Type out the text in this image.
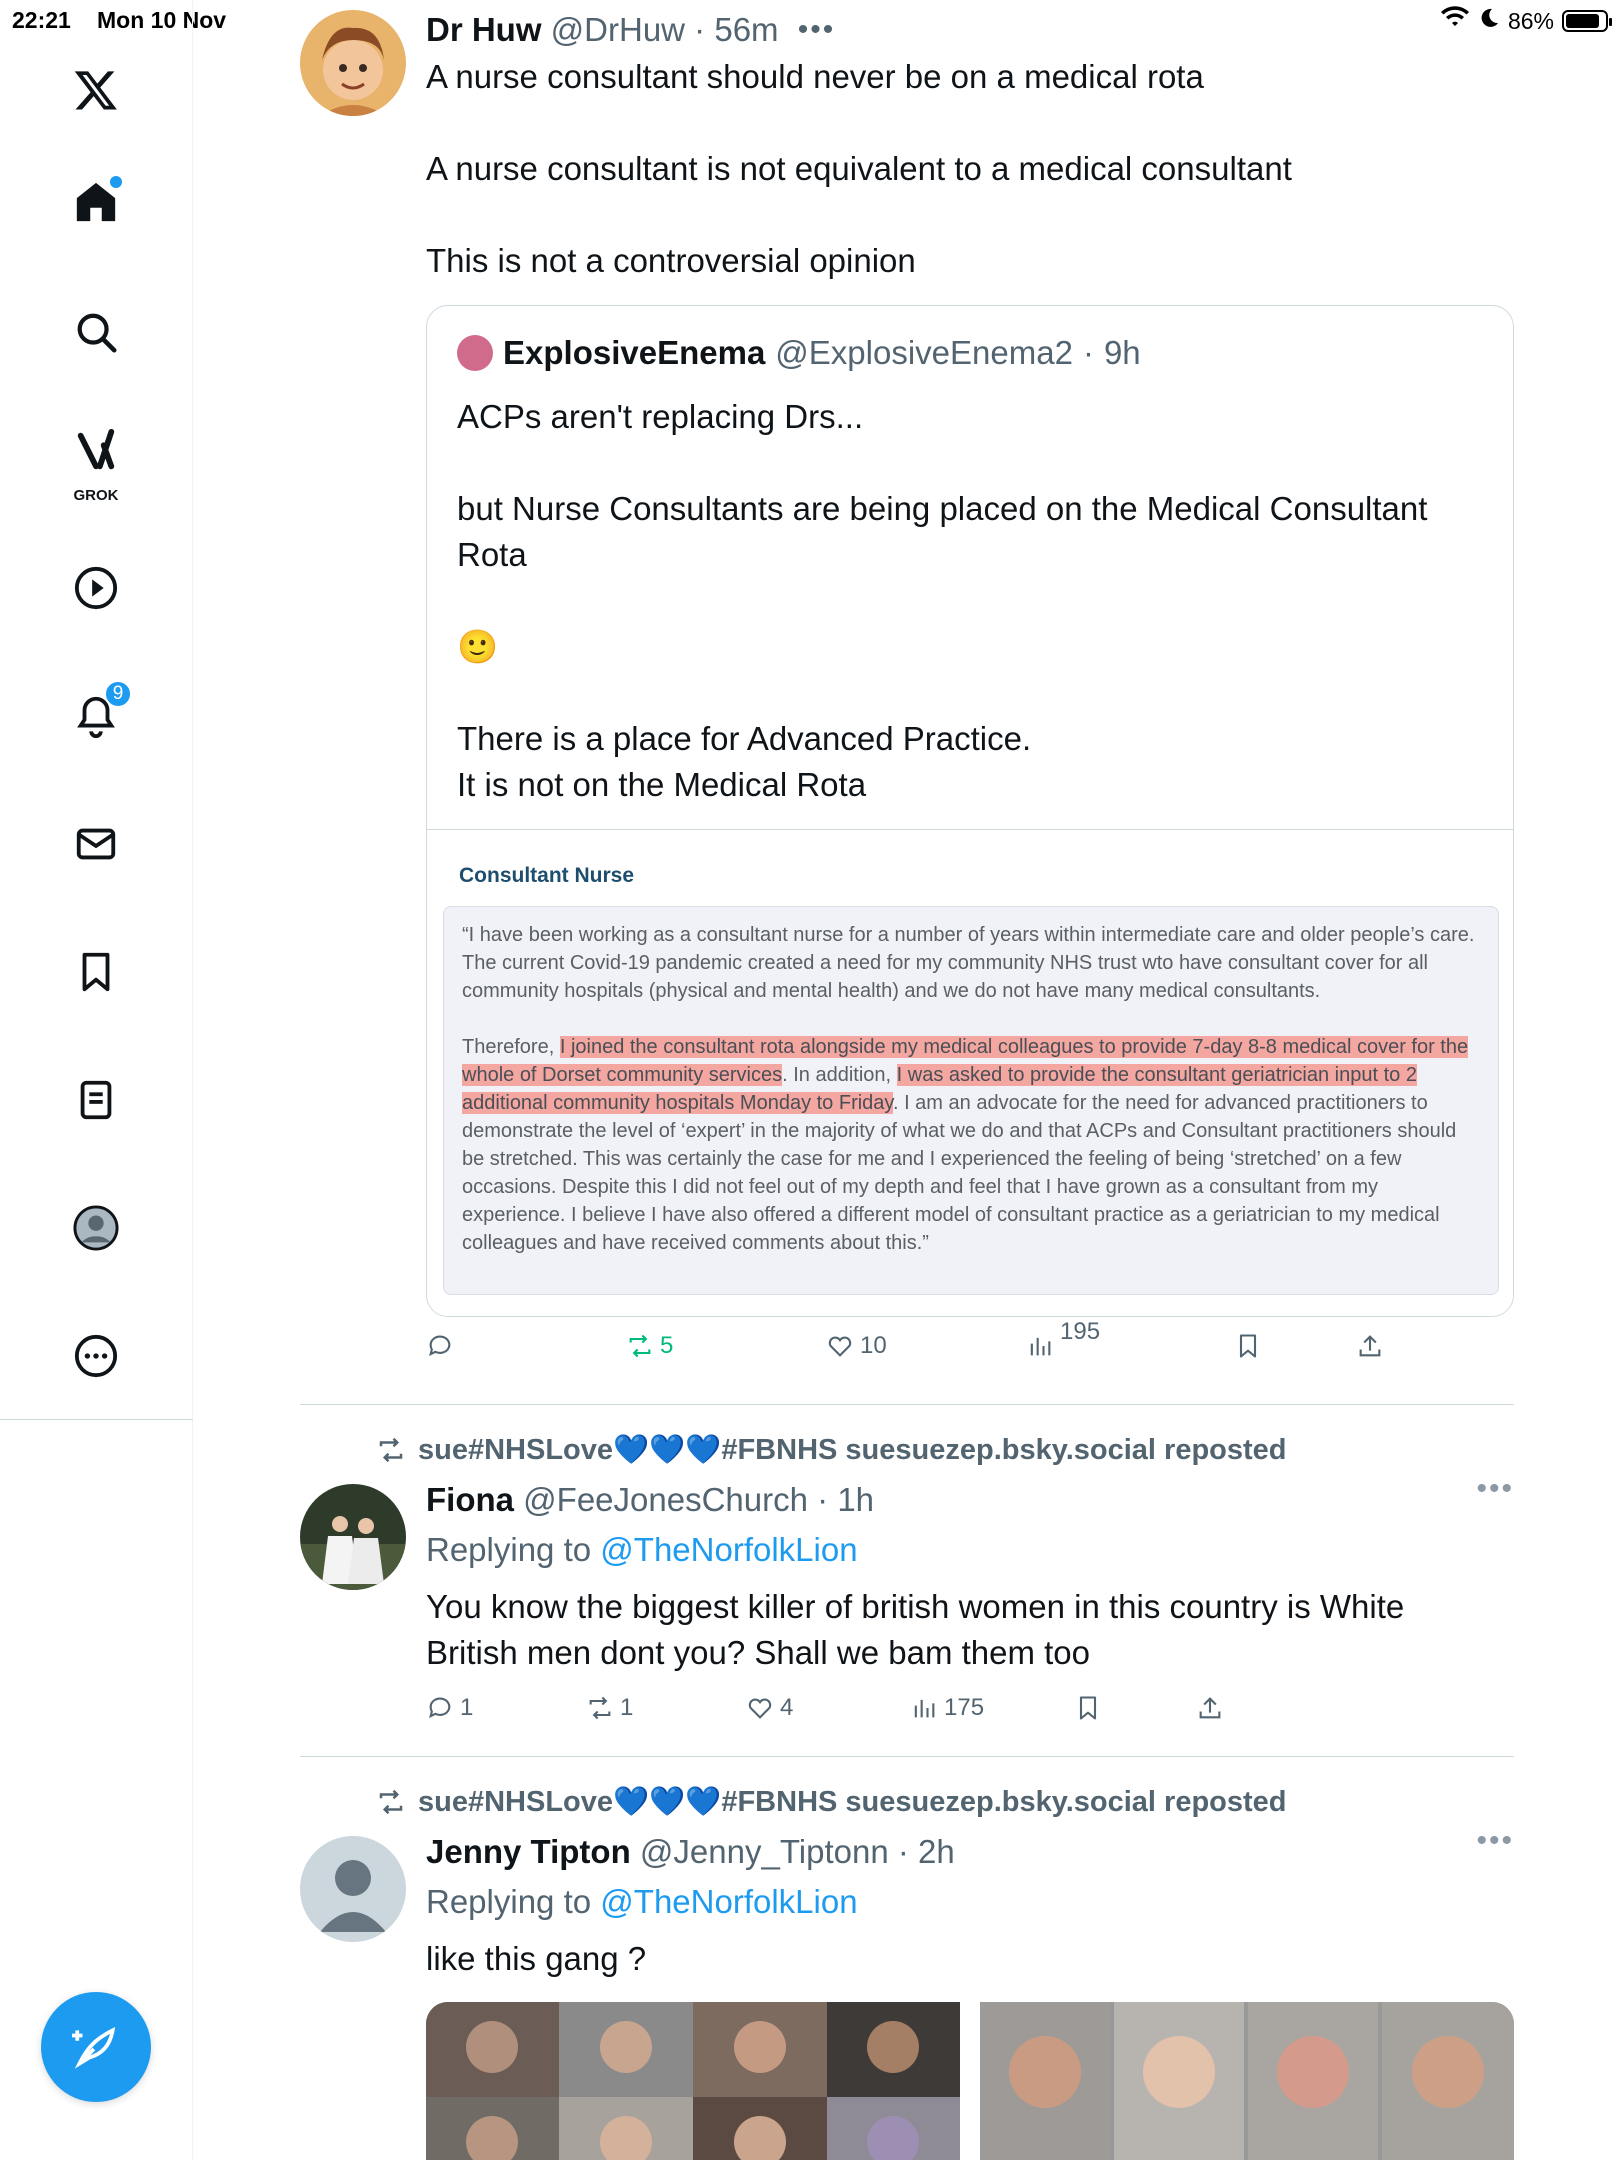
22:21 Mon 10 Nov	86%
GROK
9
Dr Huw @DrHuw · 56m •••
A nurse consultant should never be on a medical rota
A nurse consultant is not equivalent to a medical consultant
This is not a controversial opinion
ExplosiveEnema @ExplosiveEnema2 · 9h
ACPs aren't replacing Drs...
but Nurse Consultants are being placed on the Medical Consultant Rota
🙂
There is a place for Advanced Practice.
It is not on the Medical Rota
Consultant Nurse

“I have been working as a consultant nurse for a number of years within intermediate care and older people’s care. The current Covid-19 pandemic created a need for my community NHS trust wto have consultant cover for all community hospitals (physical and mental health) and we do not have many medical consultants.

Therefore, I joined the consultant rota alongside my medical colleagues to provide 7-day 8-8 medical cover for the whole of Dorset community services. In addition, I was asked to provide the consultant geriatrician input to 2 additional community hospitals Monday to Friday. I am an advocate for the need for advanced practitioners to demonstrate the level of ‘expert’ in the majority of what we do and that ACPs and Consultant practitioners should be stretched. This was certainly the case for me and I experienced the feeling of being ‘stretched’ on a few occasions. Despite this I did not feel out of my depth and feel that I have grown as a consultant from my experience. I believe I have also offered a different model of consultant practice as a geriatrician to my medical colleagues and have received comments about this.”

5	10
195
sue#NHSLove💙💙💙#FBNHS suesuezep.bsky.social reposted
Fiona @FeeJonesChurch · 1h	•••
Replying to @TheNorfolkLion
You know the biggest killer of british women in this country is White British men dont you? Shall we bam them too
1	1	4	175
sue#NHSLove💙💙💙#FBNHS suesuezep.bsky.social reposted
Jenny Tipton @Jenny_Tiptonn · 2h	•••
Replying to @TheNorfolkLion
like this gang ?
